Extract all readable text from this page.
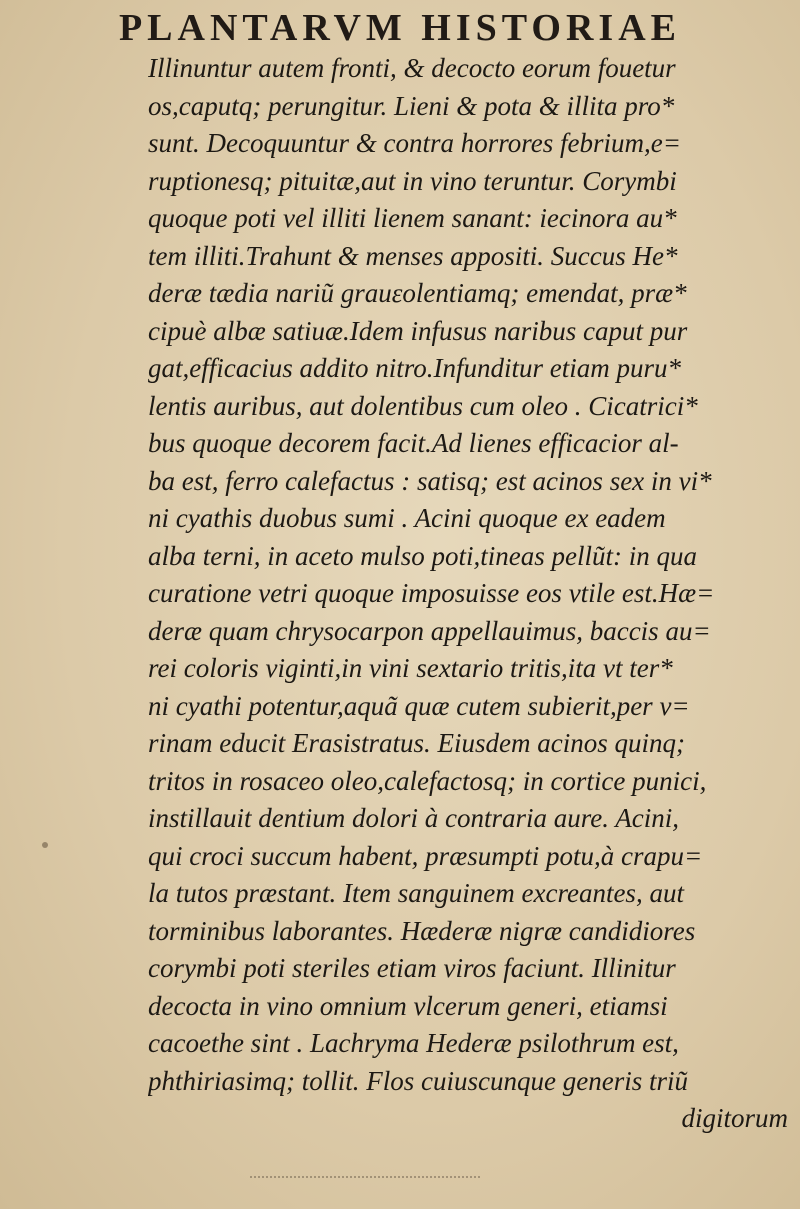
PLANTARVM HISTORIAE
Illinuntur autem fronti, & decocto eorum fouetur
os,caputq; perungitur. Lieni & pota & illita pro*
sunt. Decoquuntur & contra horrores febrium,e=
ruptionesq; pituitæ,aut in vino teruntur. Corymbi
quoque poti vel illiti lienem sanant: iecinora au*
tem illiti.Trahunt & menses appositi. Succus He*
deræ tædia nariũ grauεolentiamq; emendat, præ*
cipuè albæ satiuæ.Idem infusus naribus caput pur
gat,efficacius addito nitro.Infunditur etiam puru*
lentis auribus, aut dolentibus cum oleo . Cicatrici*
bus quoque decorem facit.Ad lienes efficacior al-
ba est, ferro calefactus : satisq; est acinos sex in vi*
ni cyathis duobus sumi . Acini quoque ex eadem
alba terni, in aceto mulso poti,tineas pellũt: in qua
curatione vetri quoque imposuisse eos vtile est.Hæ=
deræ quam chrysocarpon appellauimus, baccis au=
rei coloris viginti,in vini sextario tritis,ita vt ter*
ni cyathi potentur,aquã quæ cutem subierit,per v=
rinam educit Erasistratus. Eiusdem acinos quinq;
tritos in rosaceo oleo,calefactosq; in cortice punici,
instillauit dentium dolori à contraria aure. Acini,
qui croci succum habent, præsumpti potu,à crapu=
la tutos præstant. Item sanguinem excreantes, aut
torminibus laborantes. Hæderæ nigræ candidiores
corymbi poti steriles etiam viros faciunt. Illinitur
decocta in vino omnium vlcerum generi, etiamsi
cacoethe sint . Lachryma Hederæ psilothrum est,
phthiriasimq; tollit. Flos cuiuscunque generis triũ
digitorum
